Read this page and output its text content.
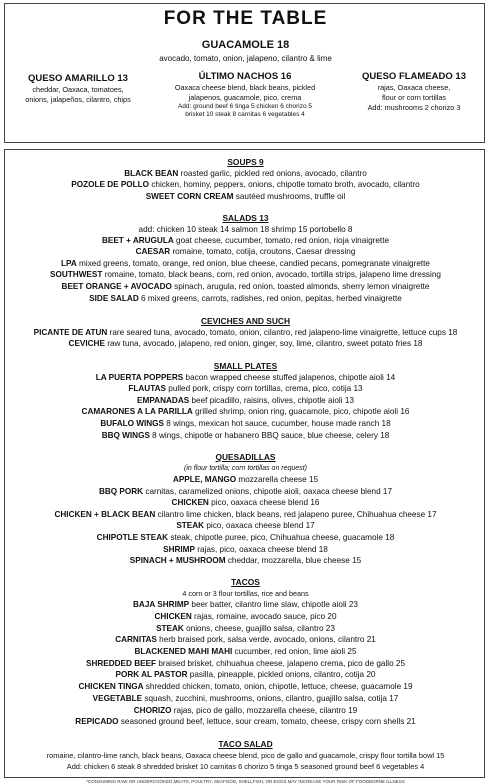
FOR THE TABLE
GUACAMOLE 18
avocado, tomato, onion, jalapeno, cilantro & lime
QUESO AMARILLO 13
cheddar, Oaxaca, tomatoes,
onions, jalapeños, cilantro, chips
ÚLTIMO NACHOS 16
Oaxaca cheese blend, black beans, pickled
jalapenos, guacamole, pico, crema
Add: ground beef 6 tinga 5 chicken 6 chorizo 5
brisket 10 steak 8 carnitas 6 vegetables 4
QUESO FLAMEADO 13
rajas, Oaxaca cheese,
flour or corn tortillas
Add: mushrooms 2 chorizo 3
SOUPS 9
BLACK BEAN roasted garlic, pickled red onions, avocado, cilantro
POZOLE DE POLLO chicken, hominy, peppers, onions, chipotle tomato broth, avocado, cilantro
SWEET CORN CREAM sautéed mushrooms, truffle oil
SALADS 13
add: chicken 10 steak 14 salmon 18 shrimp 15 portobello 8
BEET + ARUGULA goat cheese, cucumber, tomato, red onion, rioja vinaigrette
CAESAR romaine, tomato, cotija, croutons, Caesar dressing
LPA mixed greens, tomato, orange, red onion, blue cheese, candied pecans, pomegranate vinaigrette
SOUTHWEST romaine, tomato, black beans, corn, red onion, avocado, tortilla strips, jalapeno lime dressing
BEET ORANGE + AVOCADO spinach, arugula, red onion, toasted almonds, sherry lemon vinaigrette
SIDE SALAD 6 mixed greens, carrots, radishes, red onion, pepitas, herbed vinaigrette
CEVICHES AND SUCH
PICANTE DE ATUN rare seared tuna, avocado, tomato, onion, cilantro, red jalapeno-lime vinaigrette, lettuce cups 18
CEVICHE raw tuna, avocado, jalapeno, red onion, ginger, soy, lime, cilantro, sweet potato fries 18
SMALL PLATES
LA PUERTA POPPERS bacon wrapped cheese stuffed jalapenos, chipotle aioli 14
FLAUTAS pulled pork, crispy corn tortillas, crema, pico, cotija 13
EMPANADAS beef picadillo, raisins, olives, chipotle aioli 13
CAMARONES A LA PARILLA grilled shrimp, onion ring, guacamole, pico, chipotle aioli 16
BUFALO WINGS 8 wings, mexican hot sauce, cucumber, house made ranch 18
BBQ WINGS 8 wings, chipotle or habanero BBQ sauce, blue cheese, celery 18
QUESADILLAS
(in flour tortilla; corn tortillas on request)
APPLE, MANGO mozzarella cheese 15
BBQ PORK carnitas, caramelized onions, chipotle aioli, oaxaca cheese blend 17
CHICKEN pico, oaxaca cheese blend 16
CHICKEN + BLACK BEAN cilantro lime chicken, black beans, red jalapeno puree, Chihuahua cheese 17
STEAK pico, oaxaca cheese blend 17
CHIPOTLE STEAK steak, chipotle puree, pico, Chihuahua cheese, guacamole 18
SHRIMP rajas, pico, oaxaca cheese blend 18
SPINACH + MUSHROOM cheddar, mozzarella, blue cheese 15
TACOS
4 corn or 3 flour tortillas, rice and beans
BAJA SHRIMP beer batter, cilantro lime slaw, chipotle aioli 23
CHICKEN rajas, romaine, avocado sauce, pico 20
STEAK onions, cheese, guajillo salsa, cilantro 23
CARNITAS herb braised pork, salsa verde, avocado, onions, cilantro 21
BLACKENED MAHI MAHI cucumber, red onion, lime aioli 25
SHREDDED BEEF braised brisket, chihuahua cheese, jalapeno crema, pico de gallo 25
PORK AL PASTOR pasilla, pineapple, pickled onions, cilantro, cotija 20
CHICKEN TINGA shredded chicken, tomato, onion, chipotle, lettuce, cheese, guacamole 19
VEGETABLE squash, zucchini, mushrooms, onions, cilantro, guajillo salsa, cotija 17
CHORIZO rajas, pico de gallo, mozzarella cheese, cilantro 19
REPICADO seasoned ground beef, lettuce, sour cream, tomato, cheese, crispy corn shells 21
TACO SALAD
romaine, cilantro-lime ranch, black beans, Oaxaca cheese blend, pico de gallo and guacamole, crispy flour tortilla bowl 15
Add: chicken 6 steak 8 shredded brisket 10 carnitas 6 chorizo 5 tinga 5 seasoned ground beef 6 vegetables 4
*CONSUMING RAW OR UNDERCOOKED MEATS, POULTRY, SEAFOOD, SHELLFISH, OR EGGS MAY INCREASE YOUR RISK OF FOODBORNE ILLNESS
